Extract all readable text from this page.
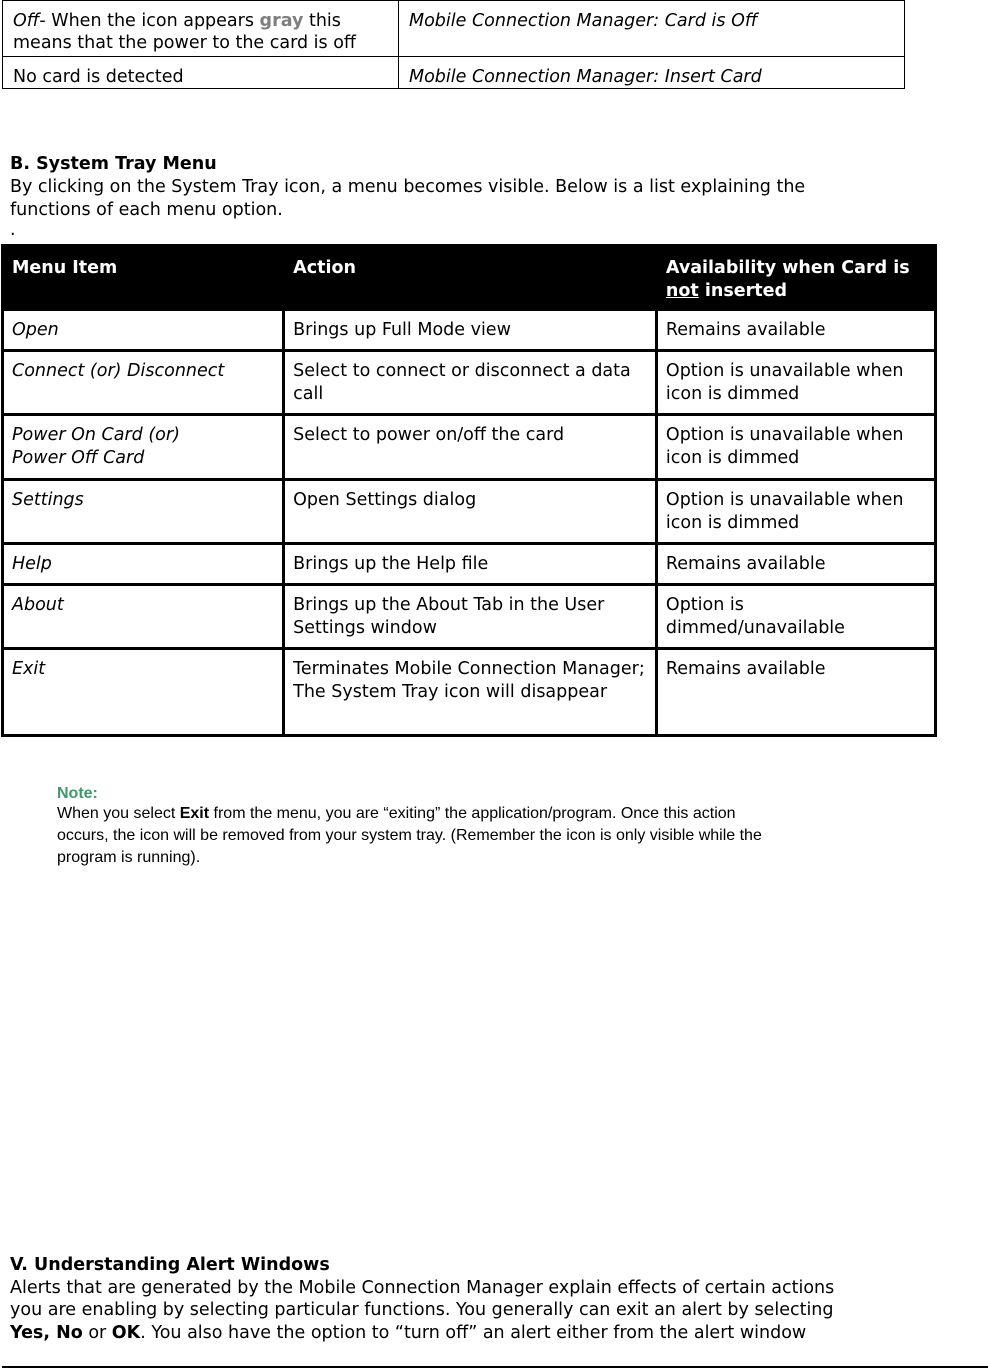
Off- When the icon appears gray this means that the power to the card is off	Mobile Connection Manager: Card is Off
No card is detected	Mobile Connection Manager: Insert Card
B. System Tray Menu
By clicking on the System Tray icon, a menu becomes visible. Below is a list explaining the
functions of each menu option.
.
Menu Item	Action	Availability when Card is
not inserted
Open	Brings up Full Mode view	Remains available
Connect (or) Disconnect	Select to connect or disconnect a data call	Option is unavailable when icon is dimmed

Power On Card (or)
Power Off Card	Select to power on/off the card	Option is unavailable when icon is dimmed
Settings	Open Settings dialog	Option is unavailable when icon is dimmed
Help	Brings up the Help file	Remains available
About	Brings up the About Tab in the User Settings window	Option is
dimmed/unavailable

Exit	Terminates Mobile Connection Manager; The System Tray icon will disappear	Remains available
Note:
When you select Exit from the menu, you are “exiting” the application/program. Once this action
occurs, the icon will be removed from your system tray. (Remember the icon is only visible while the
program is running).
V. Understanding Alert Windows
Alerts that are generated by the Mobile Connection Manager explain effects of certain actions
you are enabling by selecting particular functions. You generally can exit an alert by selecting
Yes, No or OK. You also have the option to “turn off” an alert either from the alert window
